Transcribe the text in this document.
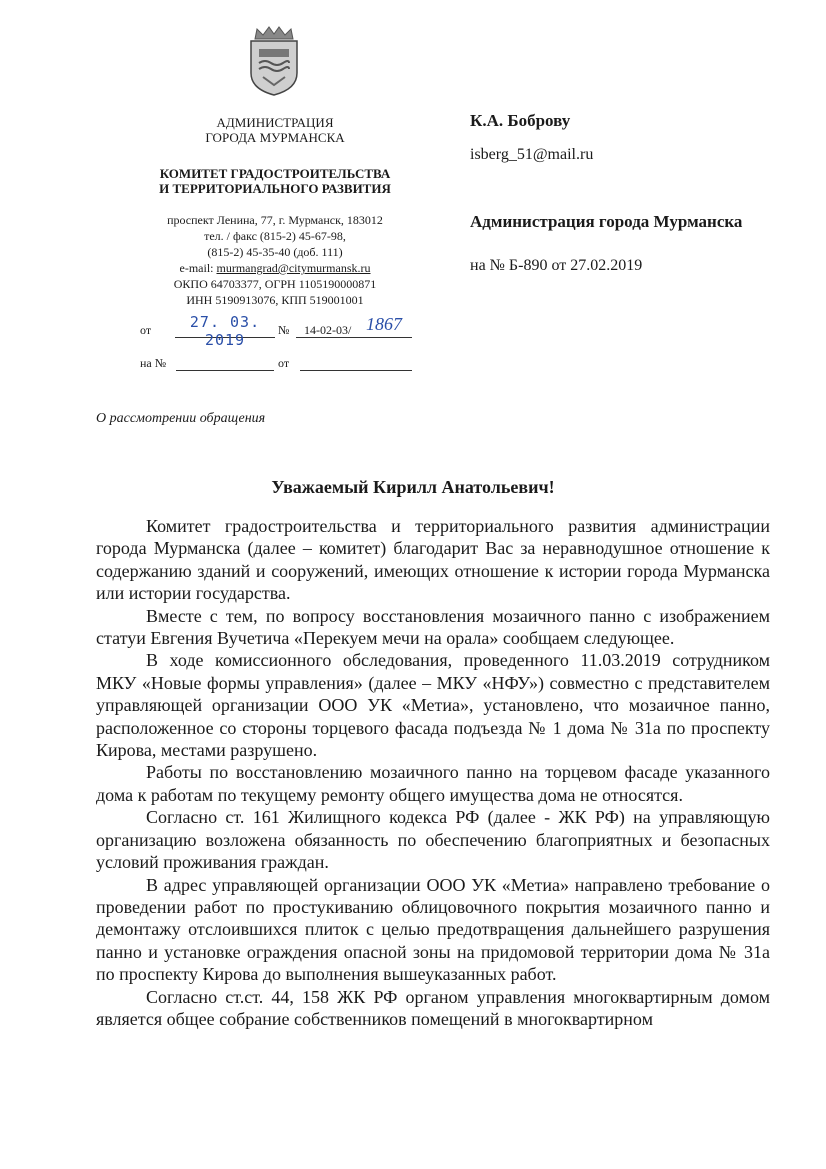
АДМИНИСТРАЦИЯ
ГОРОДА МУРМАНСКА
КОМИТЕТ ГРАДОСТРОИТЕЛЬСТВА
И ТЕРРИТОРИАЛЬНОГО РАЗВИТИЯ
проспект Ленина, 77, г. Мурманск, 183012
тел. / факс (815-2) 45-67-98,
(815-2) 45-35-40 (доб. 111)
e-mail: murmangrad@citymurmansk.ru
ОКПО 64703377, ОГРН 1105190000871
ИНН 5190913076, КПП 519001001
от	27. 03. 2019
№ 14-02-03/ 1867
на №	от
К.А. Боброву
isberg_51@mail.ru
Администрация города Мурманска
на № Б-890 от 27.02.2019
О рассмотрении обращения
Уважаемый Кирилл Анатольевич!

Комитет градостроительства и территориального развития администрации города Мурманска (далее – комитет) благодарит Вас за неравнодушное отношение к содержанию зданий и сооружений, имеющих отношение к истории города Мурманска или истории государства.

Вместе с тем, по вопросу восстановления мозаичного панно с изображением статуи Евгения Вучетича «Перекуем мечи на орала» сообщаем следующее.

В ходе комиссионного обследования, проведенного 11.03.2019 сотрудником МКУ «Новые формы управления» (далее – МКУ «НФУ») совместно с представителем управляющей организации ООО УК «Метиа», установлено, что мозаичное панно, расположенное со стороны торцевого фасада подъезда № 1 дома № 31а по проспекту Кирова, местами разрушено.

Работы по восстановлению мозаичного панно на торцевом фасаде указанного дома к работам по текущему ремонту общего имущества дома не относятся.

Согласно ст. 161 Жилищного кодекса РФ (далее - ЖК РФ) на управляющую организацию возложена обязанность по обеспечению благоприятных и безопасных условий проживания граждан.

В адрес управляющей организации ООО УК «Метиа» направлено требование о проведении работ по простукиванию облицовочного покрытия мозаичного панно и демонтажу отслоившихся плиток с целью предотвращения дальнейшего разрушения панно и установке ограждения опасной зоны на придомовой территории дома № 31а по проспекту Кирова до выполнения вышеуказанных работ.

Согласно ст.ст. 44, 158 ЖК РФ органом управления многоквартирным домом является общее собрание собственников помещений в многоквартирном
